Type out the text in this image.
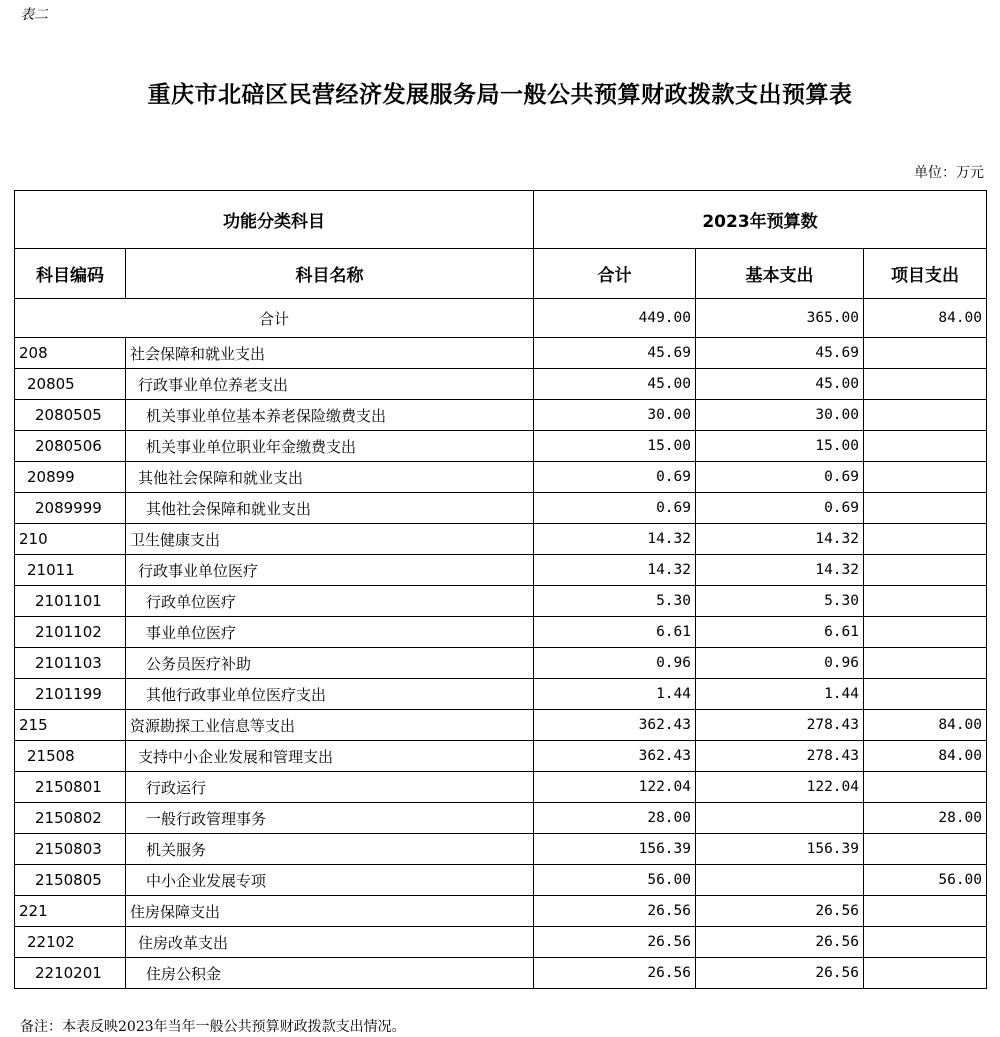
表二
重庆市北碚区民营经济发展服务局一般公共预算财政拨款支出预算表
单位：万元
功能分类科目		2023年预算数		
科目编码	科目名称	合计	基本支出	项目支出
合计		449.00	365.00	84.00
208	社会保障和就业支出	45.69	45.69	
20805	行政事业单位养老支出	45.00	45.00	
2080505	机关事业单位基本养老保险缴费支出	30.00	30.00	
2080506	机关事业单位职业年金缴费支出	15.00	15.00	
20899	其他社会保障和就业支出	0.69	0.69	
2089999	其他社会保障和就业支出	0.69	0.69	
210	卫生健康支出	14.32	14.32	
21011	行政事业单位医疗	14.32	14.32	
2101101	行政单位医疗	5.30	5.30	
2101102	事业单位医疗	6.61	6.61	
2101103	公务员医疗补助	0.96	0.96	
2101199	其他行政事业单位医疗支出	1.44	1.44	
215	资源勘探工业信息等支出	362.43	278.43	84.00
21508	支持中小企业发展和管理支出	362.43	278.43	84.00
2150801	行政运行	122.04	122.04	
2150802	一般行政管理事务	28.00		28.00
2150803	机关服务	156.39	156.39	
2150805	中小企业发展专项	56.00		56.00
221	住房保障支出	26.56	26.56	
22102	住房改革支出	26.56	26.56	
2210201	住房公积金	26.56	26.56	
备注：本表反映2023年当年一般公共预算财政拨款支出情况。
